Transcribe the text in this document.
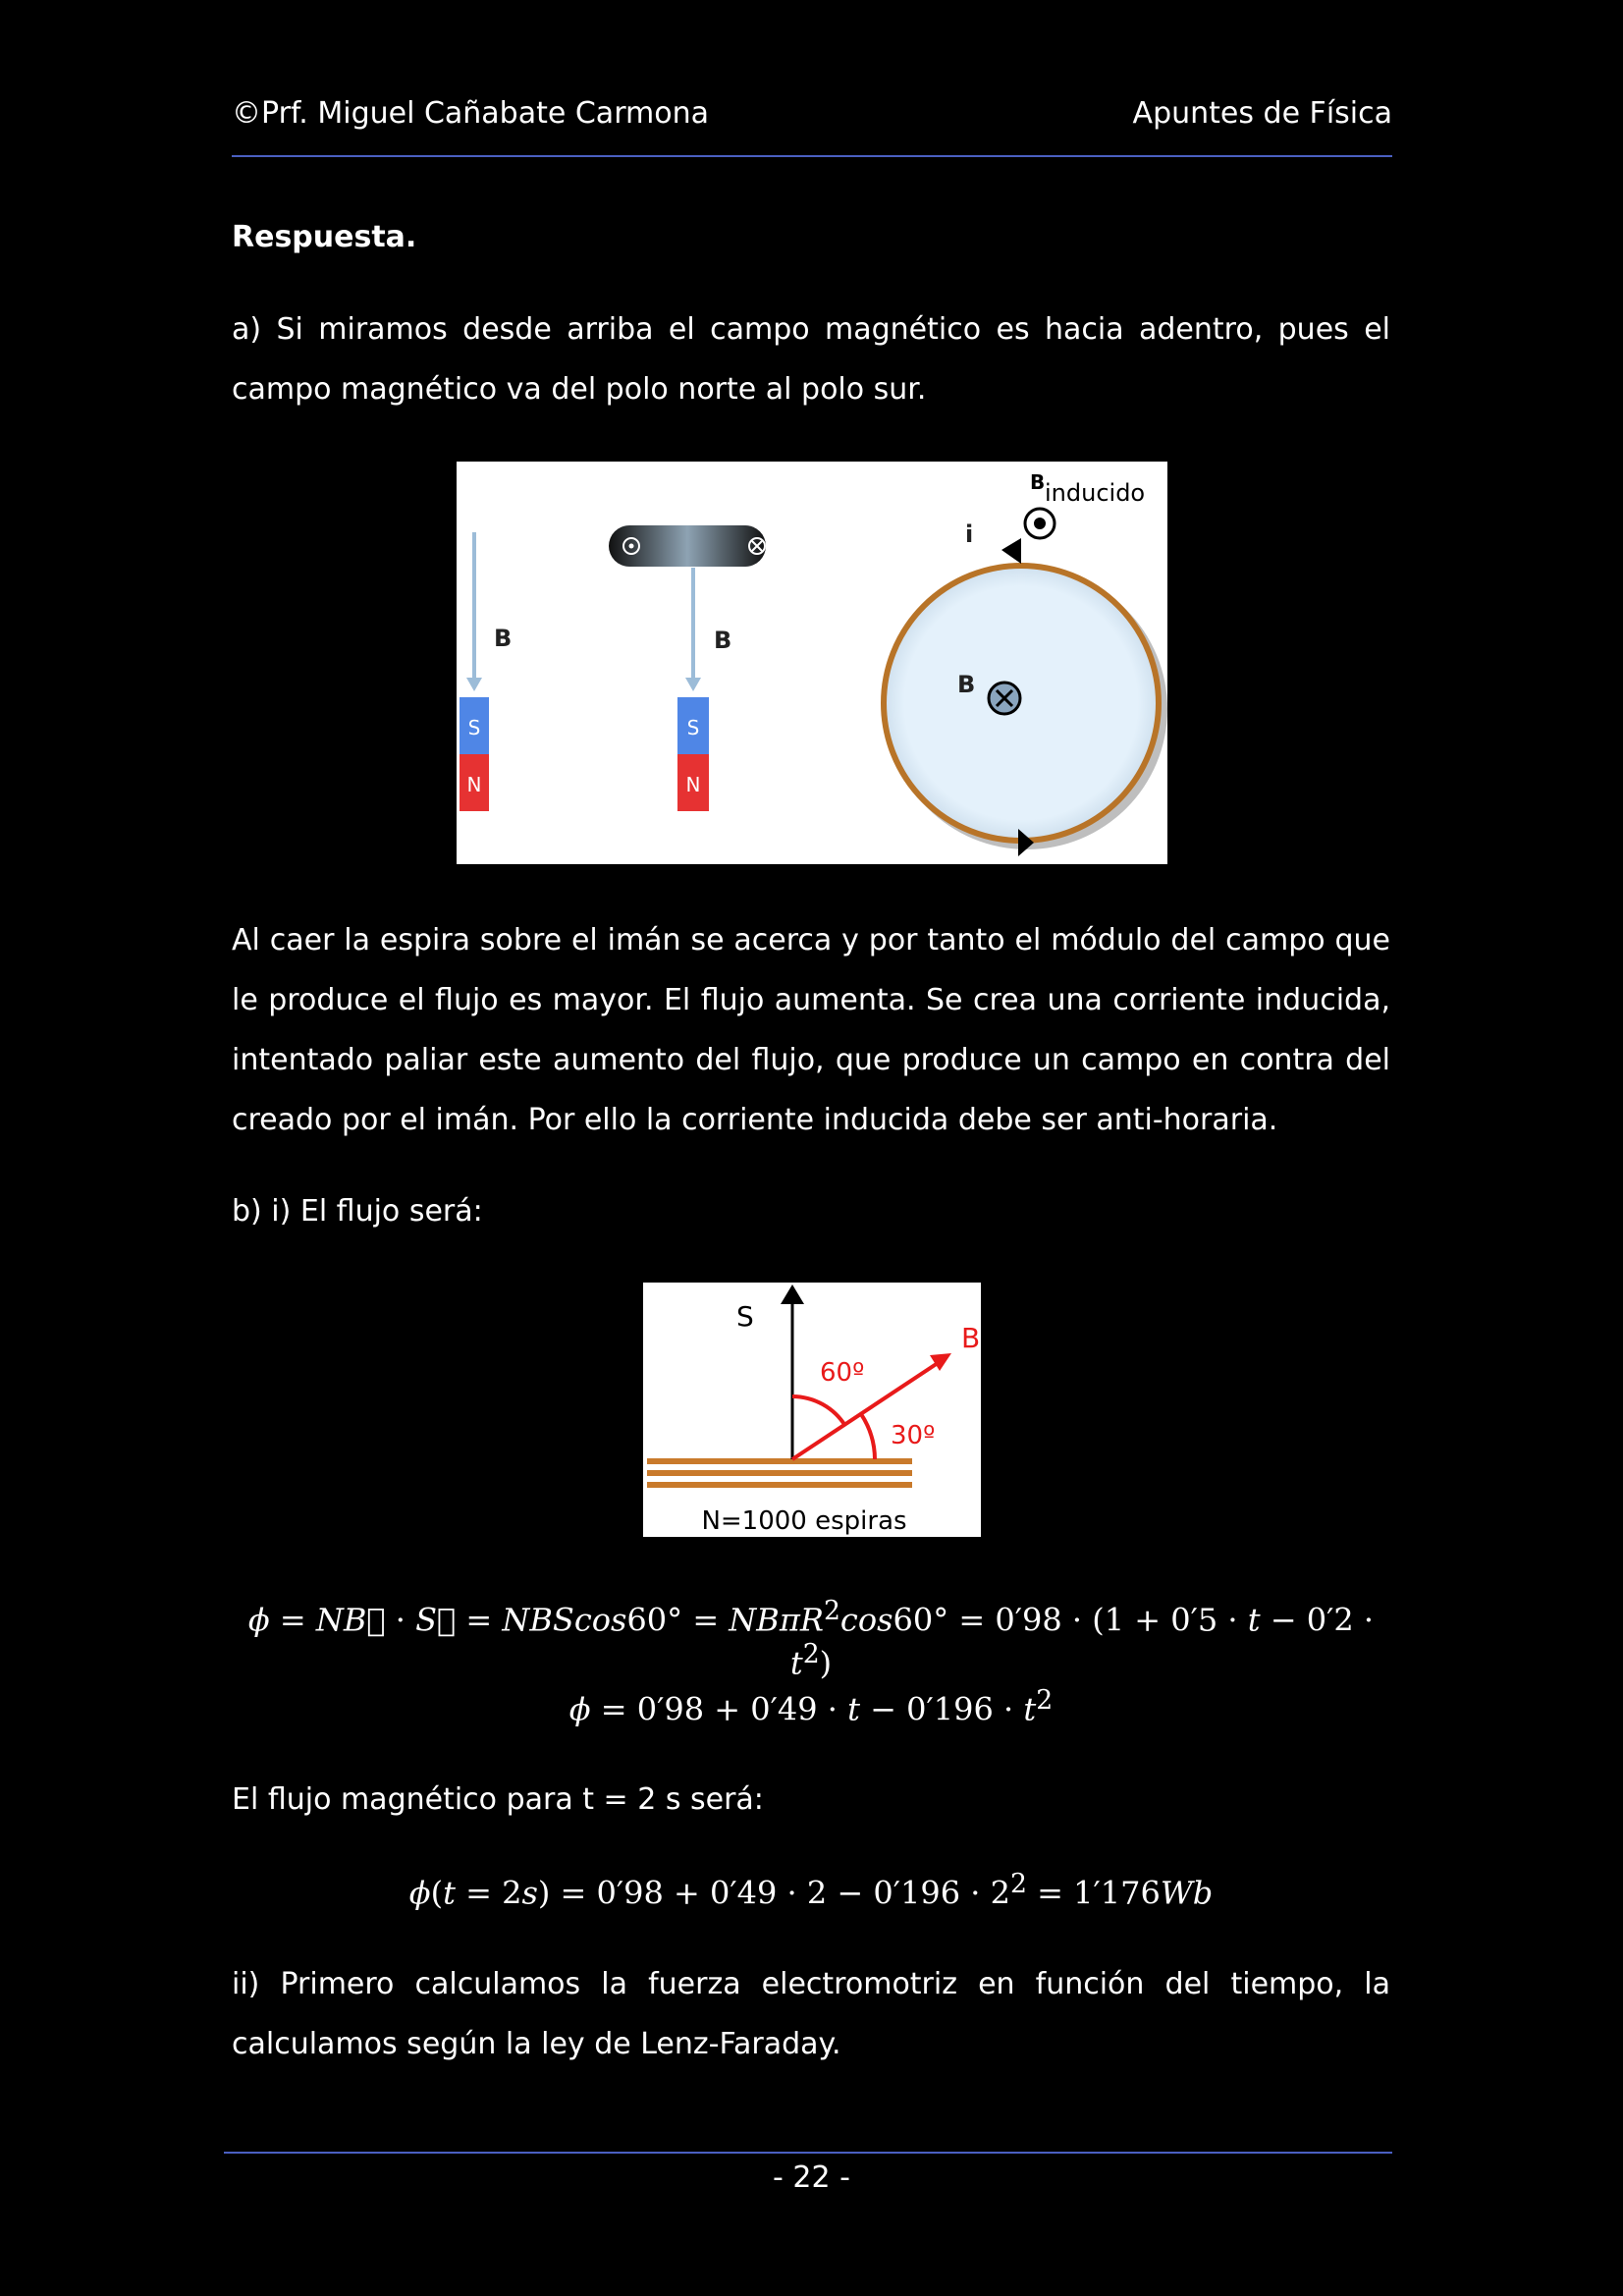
©Prf. Miguel Cañabate Carmona	Apuntes de Física
Respuesta.
a) Si miramos desde arriba el campo magnético es hacia adentro, pues el campo magnético va del polo norte al polo sur.
B
S
N
B
S
N
i
B inducido
B
Al caer la espira sobre el imán se acerca y por tanto el módulo del campo que le produce el flujo es mayor. El flujo aumenta. Se crea una corriente inducida, intentado paliar este aumento del flujo, que produce un campo en contra del creado por el imán. Por ello la corriente inducida debe ser anti-horaria.
b) i) El flujo será:
S
B
60º
30º
N=1000 espiras
ϕ = NB⃗ · S⃗ = $NBScos60^\circ = NB\pi R^2\cos 60^\circ = 0'98 \cdot (1 + 0'5 \cdot t - 0'2 \cdot t^2)$
$\phi = 0'98 + 0'49 \cdot t - 0'196 \cdot t^2$
El flujo magnético para t = 2 s será:
$\phi(t = 2s) = 0'98 + 0'49 \cdot 2 - 0'196 \cdot 2^2 = 1'176Wb$
ii) Primero calculamos la fuerza electromotriz en función del tiempo, la calculamos según la ley de Lenz-Faraday.
- 22 -
